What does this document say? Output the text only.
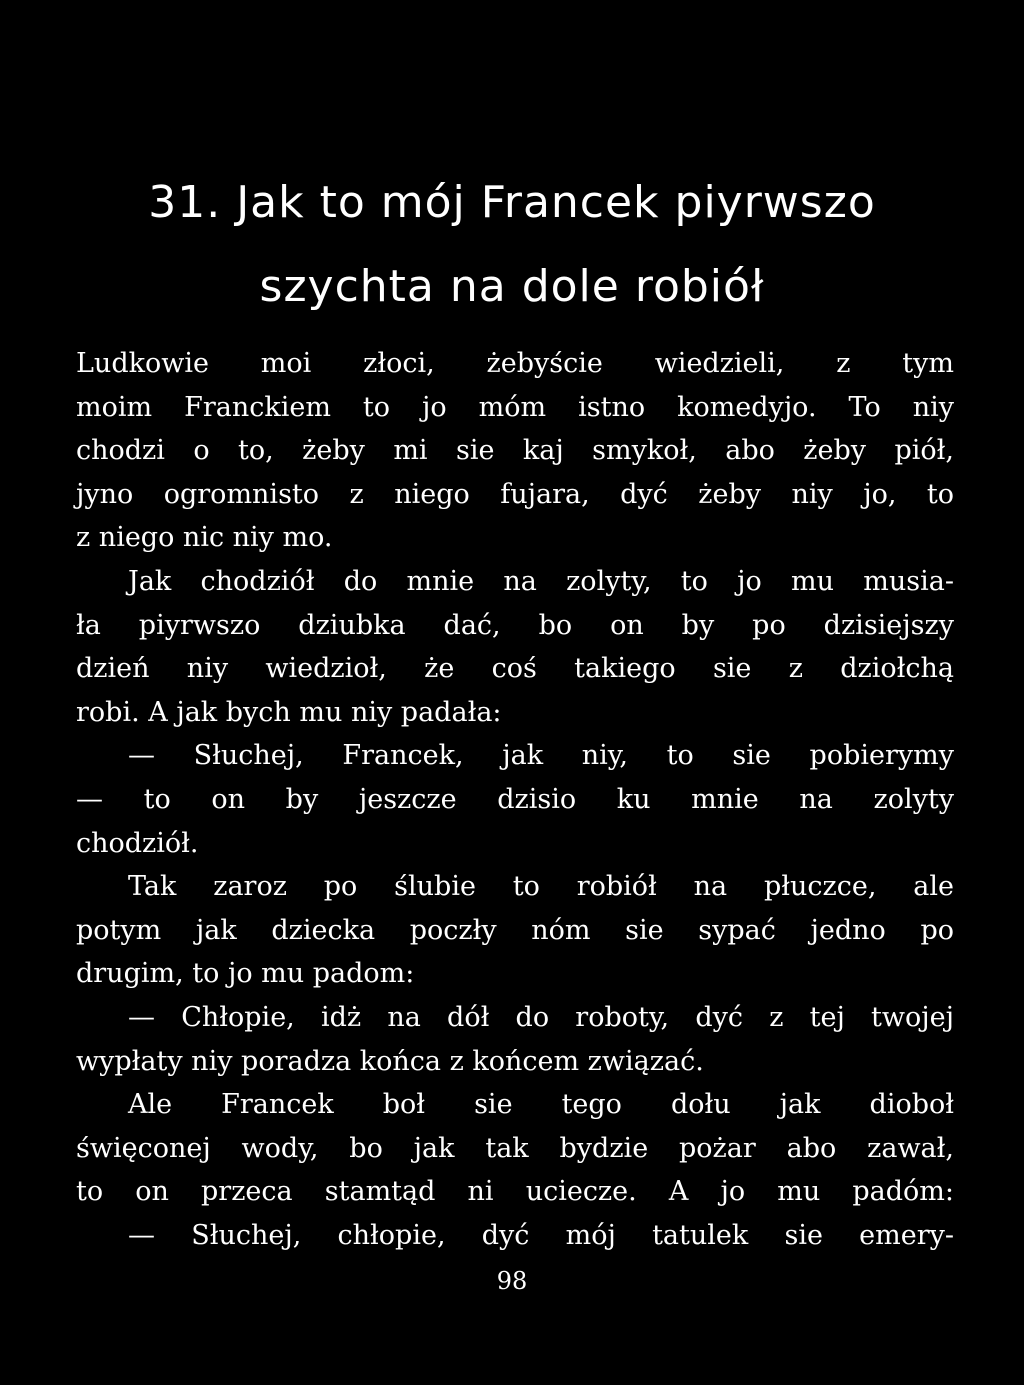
31. Jak to mój Francek piyrwszo
szychta na dole robiół
Ludkowie moi złoci, żebyście wiedzieli, z tym
moim Franckiem to jo móm istno komedyjo. To niy
chodzi o to, żeby mi sie kaj smykoł, abo żeby piół,
jyno ogromnisto z niego fujara, dyć żeby niy jo, to
z niego nic niy mo.
Jak chodziół do mnie na zolyty, to jo mu musia-
ła piyrwszo dziubka dać, bo on by po dzisiejszy
dzień niy wiedzioł, że coś takiego sie z dziołchą
robi. A jak bych mu niy padała:
— Słuchej, Francek, jak niy, to sie pobierymy
— to on by jeszcze dzisio ku mnie na zolyty
chodziół.
Tak zaroz po ślubie to robiół na płuczce, ale
potym jak dziecka poczły nóm sie sypać jedno po
drugim, to jo mu padom:
— Chłopie, idż na dół do roboty, dyć z tej twojej
wypłaty niy poradza końca z końcem związać.
Ale Francek boł sie tego dołu jak dioboł
święconej wody, bo jak tak bydzie pożar abo zawał,
to on przeca stamtąd ni uciecze. A jo mu padóm:
— Słuchej, chłopie, dyć mój tatulek sie emery-
98
